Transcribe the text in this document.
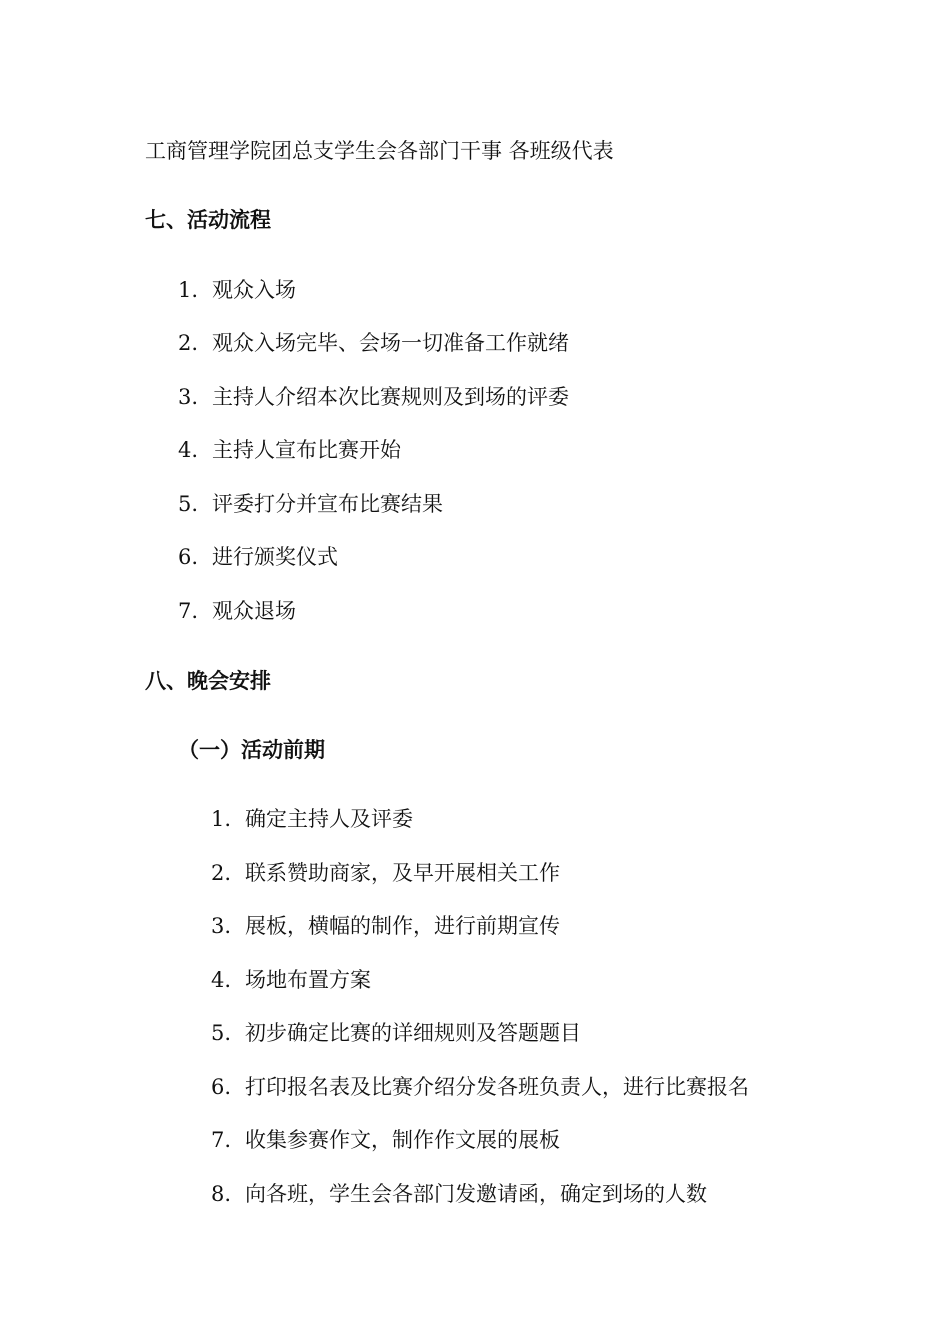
工商管理学院团总支学生会各部门干事 各班级代表
七、活动流程
1. 观众入场
2. 观众入场完毕、会场一切准备工作就绪
3. 主持人介绍本次比赛规则及到场的评委
4. 主持人宣布比赛开始
5. 评委打分并宣布比赛结果
6. 进行颁奖仪式
7. 观众退场
八、晚会安排
（一）活动前期
1. 确定主持人及评委
2. 联系赞助商家，及早开展相关工作
3. 展板，横幅的制作，进行前期宣传
4. 场地布置方案
5. 初步确定比赛的详细规则及答题题目
6. 打印报名表及比赛介绍分发各班负责人，进行比赛报名
7. 收集参赛作文，制作作文展的展板
8. 向各班，学生会各部门发邀请函，确定到场的人数
